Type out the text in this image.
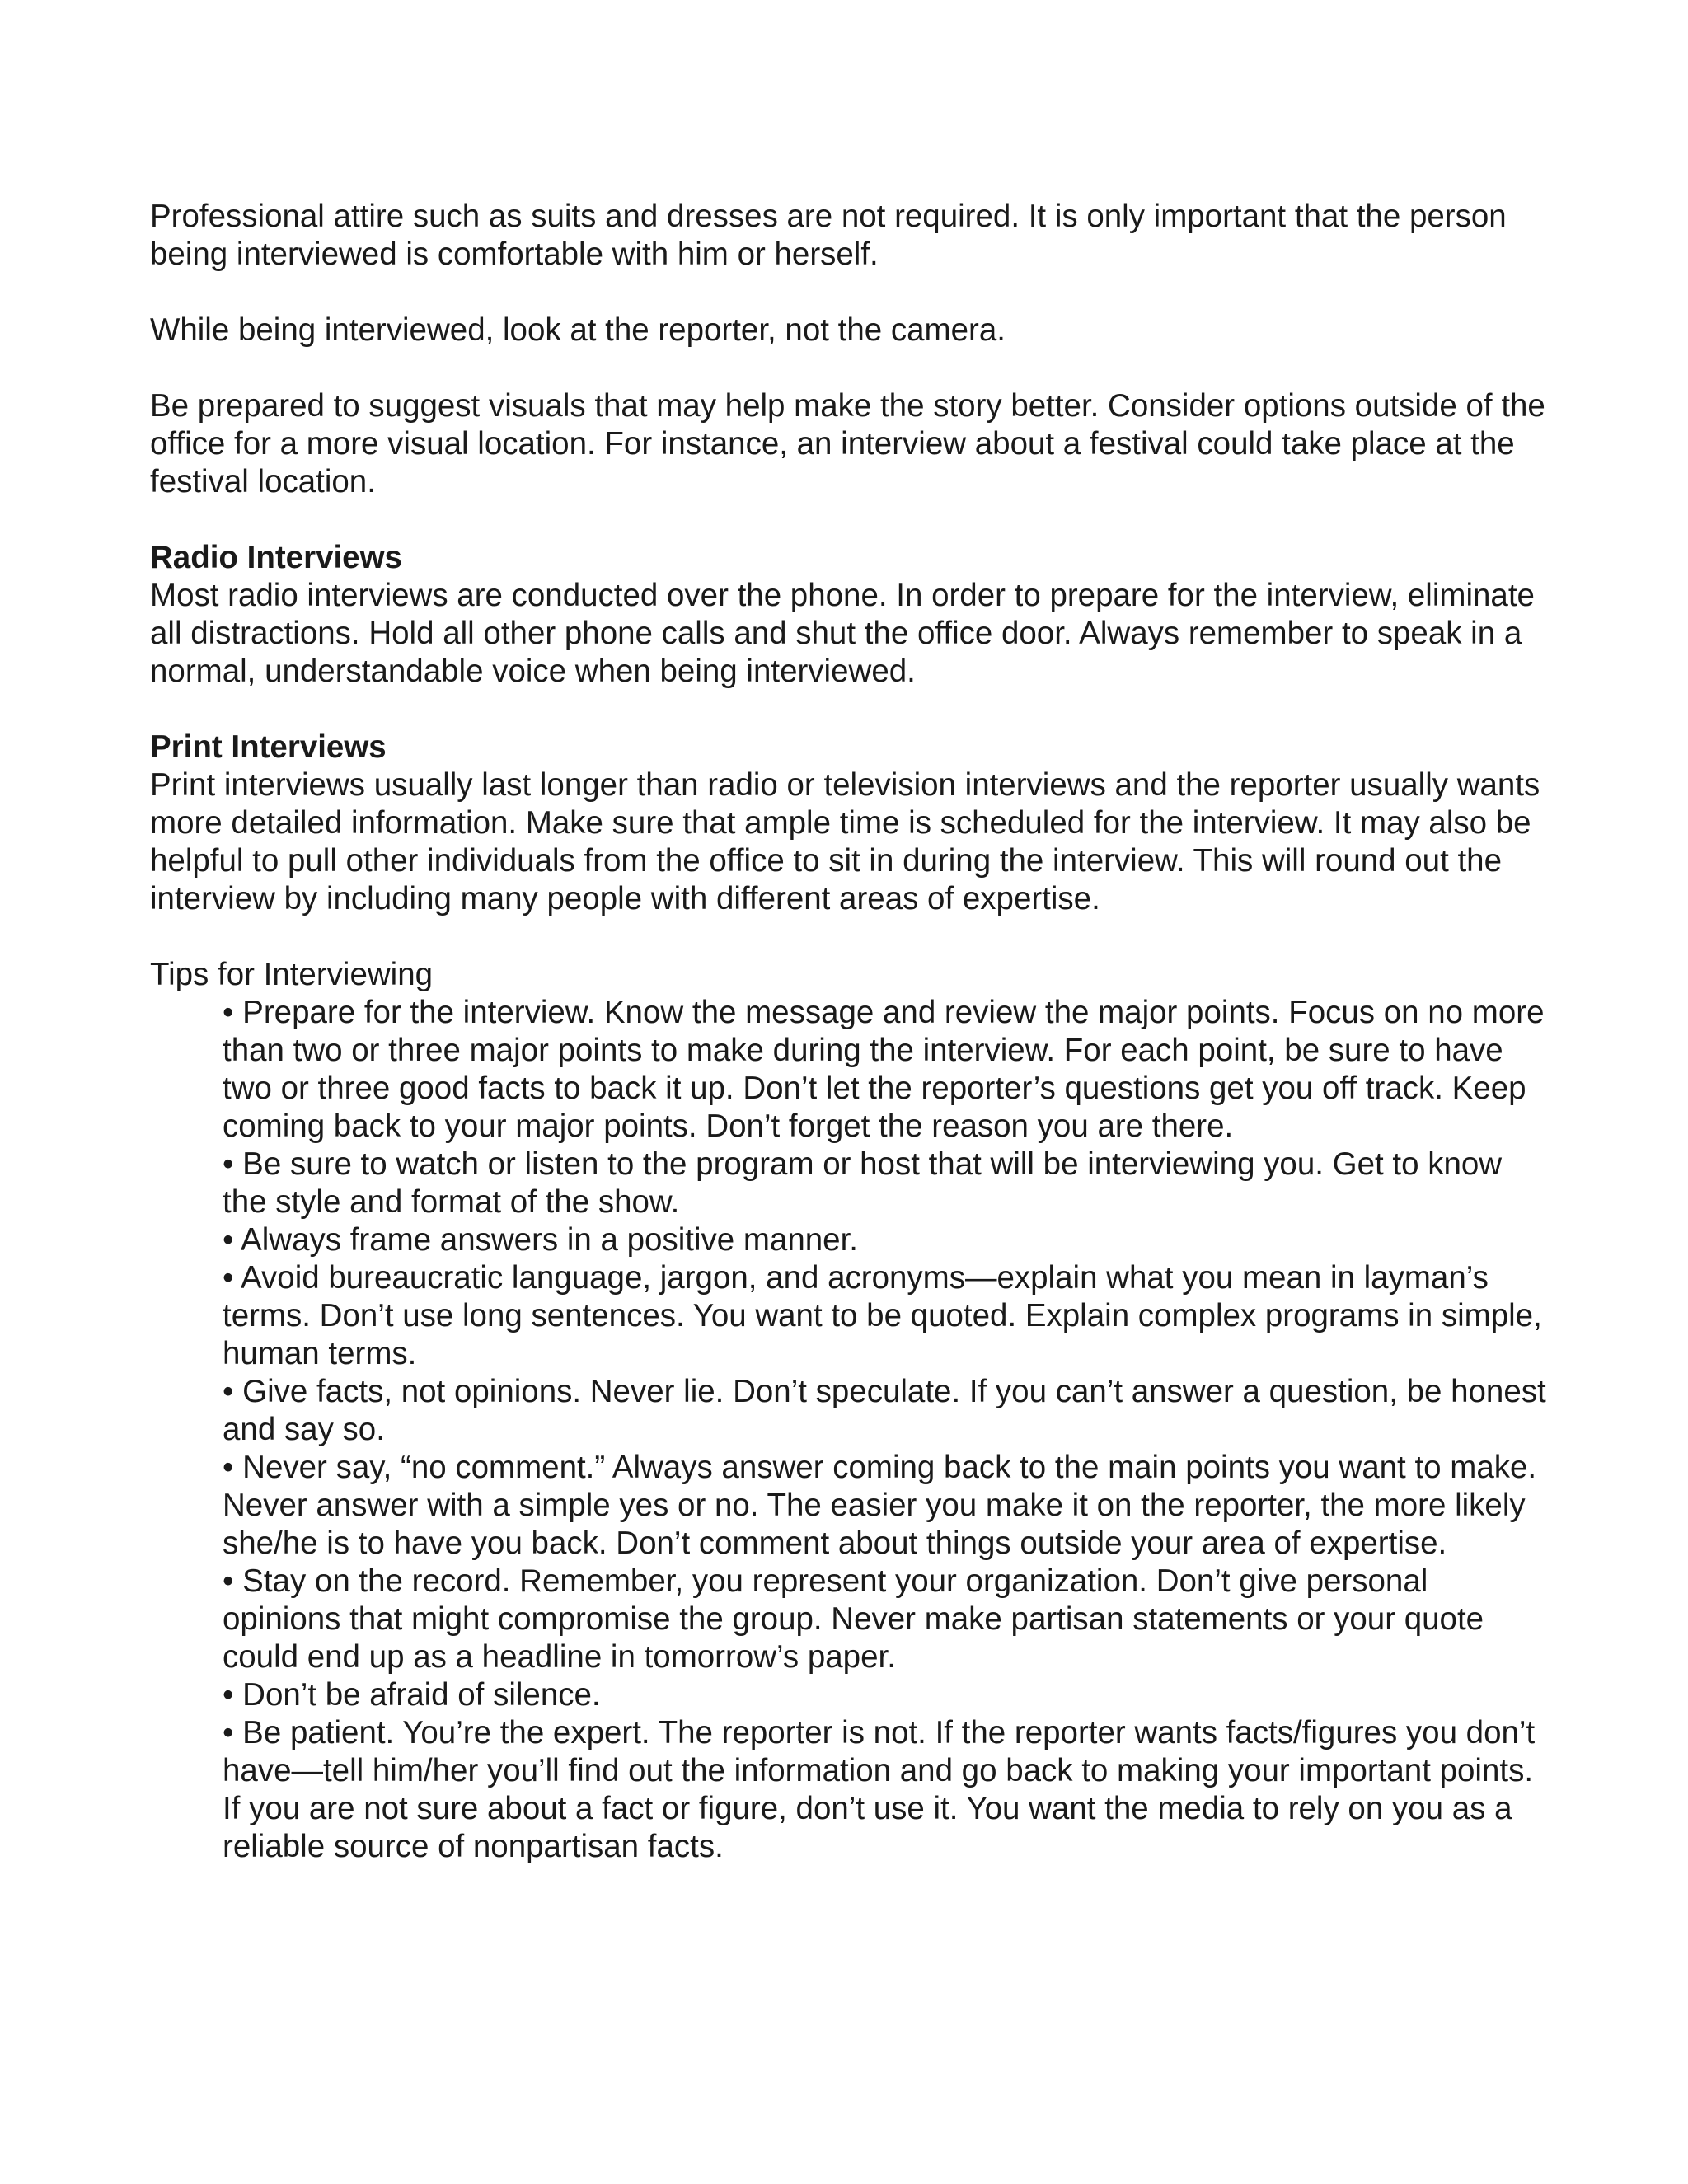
Professional attire such as suits and dresses are not required. It is only important that the person being interviewed is comfortable with him or herself.

While being interviewed, look at the reporter, not the camera.

Be prepared to suggest visuals that may help make the story better. Consider options outside of the office for a more visual location. For instance, an interview about a festival could take place at the festival location.

Radio Interviews

Most radio interviews are conducted over the phone. In order to prepare for the interview, eliminate all distractions. Hold all other phone calls and shut the office door. Always remember to speak in a normal, understandable voice when being interviewed.

Print Interviews

Print interviews usually last longer than radio or television interviews and the reporter usually wants more detailed information. Make sure that ample time is scheduled for the interview. It may also be helpful to pull other individuals from the office to sit in during the interview. This will round out the interview by including many people with different areas of expertise.

Tips for Interviewing

• Prepare for the interview. Know the message and review the major points. Focus on no more than two or three major points to make during the interview. For each point, be sure to have two or three good facts to back it up. Don’t let the reporter’s questions get you off track. Keep coming back to your major points. Don’t forget the reason you are there.
• Be sure to watch or listen to the program or host that will be interviewing you. Get to know the style and format of the show.
• Always frame answers in a positive manner.
• Avoid bureaucratic language, jargon, and acronyms—explain what you mean in layman’s terms. Don’t use long sentences. You want to be quoted. Explain complex programs in simple, human terms.
• Give facts, not opinions. Never lie. Don’t speculate. If you can’t answer a question, be honest and say so.
• Never say, “no comment.” Always answer coming back to the main points you want to make. Never answer with a simple yes or no. The easier you make it on the reporter, the more likely she/he is to have you back. Don’t comment about things outside your area of expertise.
• Stay on the record. Remember, you represent your organization. Don’t give personal opinions that might compromise the group. Never make partisan statements or your quote could end up as a headline in tomorrow’s paper.
• Don’t be afraid of silence.
• Be patient. You’re the expert. The reporter is not. If the reporter wants facts/figures you don’t have—tell him/her you’ll find out the information and go back to making your important points. If you are not sure about a fact or figure, don’t use it. You want the media to rely on you as a reliable source of nonpartisan facts.
